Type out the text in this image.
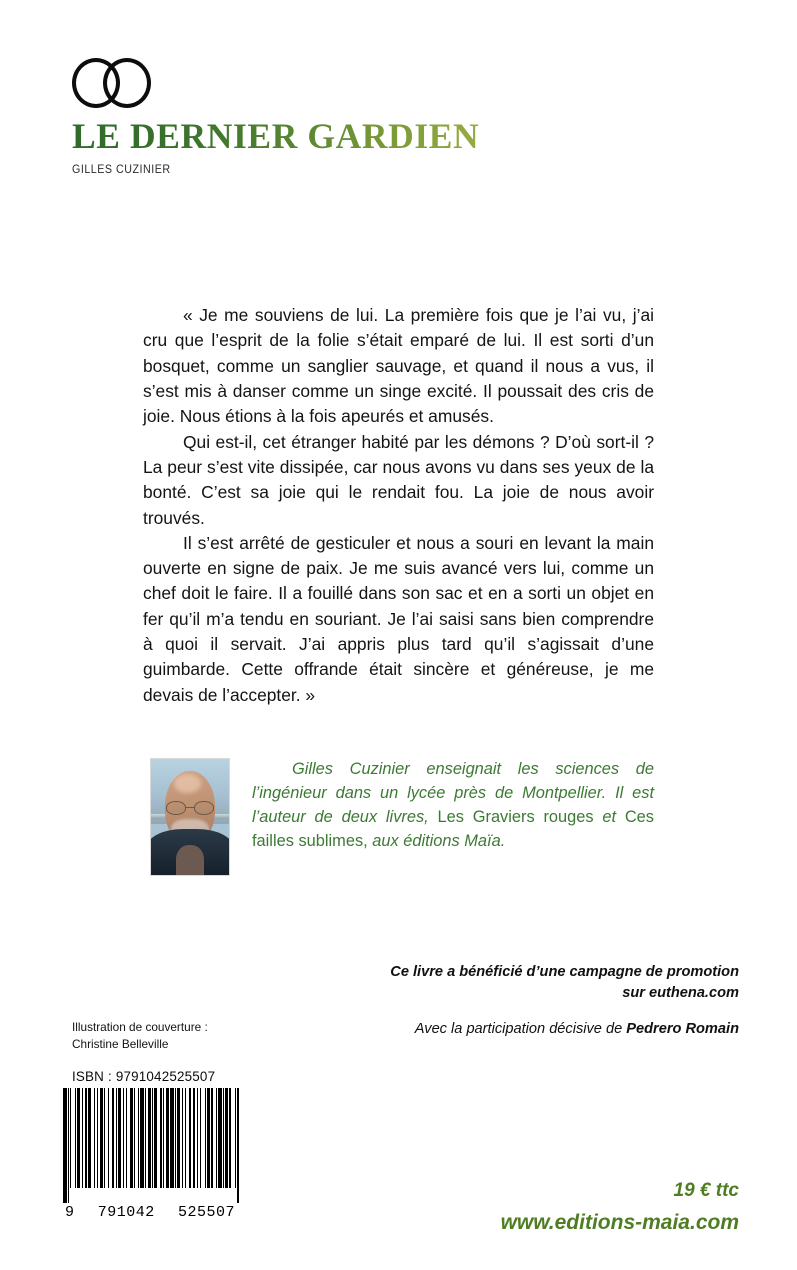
LE DERNIER GARDIEN
GILLES CUZINIER

« Je me souviens de lui. La première fois que je l’ai vu, j’ai cru que l’esprit de la folie s’était emparé de lui. Il est sorti d’un bosquet, comme un sanglier sauvage, et quand il nous a vus, il s’est mis à danser comme un singe excité. Il poussait des cris de joie. Nous étions à la fois apeurés et amusés.

Qui est-il, cet étranger habité par les démons ? D’où sort-il ? La peur s’est vite dissipée, car nous avons vu dans ses yeux de la bonté. C’est sa joie qui le rendait fou. La joie de nous avoir trouvés.

Il s’est arrêté de gesticuler et nous a souri en levant la main ouverte en signe de paix. Je me suis avancé vers lui, comme un chef doit le faire. Il a fouillé dans son sac et en a sorti un objet en fer qu’il m’a tendu en souriant. Je l’ai saisi sans bien comprendre à quoi il servait. J’ai appris plus tard qu’il s’agissait d’une guimbarde. Cette offrande était sincère et généreuse, je me devais de l’accepter. »

Gilles Cuzinier enseignait les sciences de l’ingénieur dans un lycée près de Montpellier. Il est l’auteur de deux livres, Les Graviers rouges et Ces failles sublimes, aux éditions Maïa.
Ce livre a bénéficié d’une campagne de promotion
sur euthena.com
Avec la participation décisive de Pedrero Romain
Illustration de couverture :
Christine Belleville
ISBN : 9791042525507
9 791042 525507
19 € ttc
www.editions-maia.com
